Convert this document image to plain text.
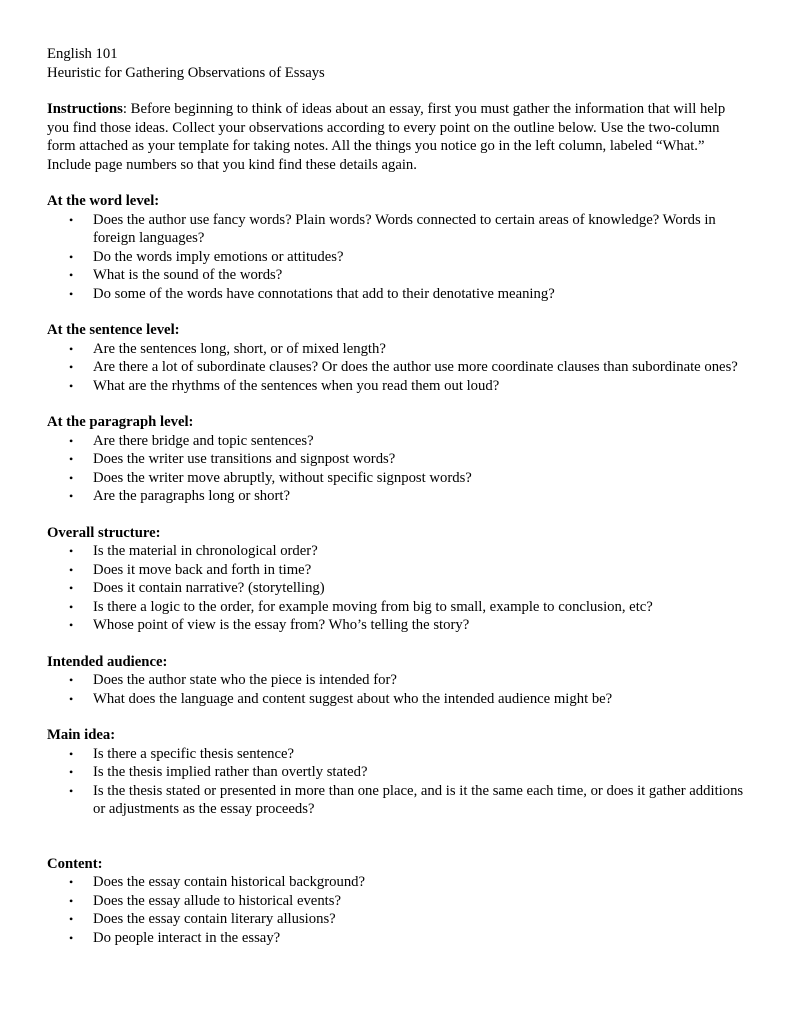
English 101

Heuristic for Gathering Observations of Essays

Instructions: Before beginning to think of ideas about an essay, first you must gather the information that will help you find those ideas. Collect your observations according to every point on the outline below. Use the two-column form attached as your template for taking notes. All the things you notice go in the left column, labeled “What.” Include page numbers so that you kind find these details again.

At the word level:

• Does the author use fancy words? Plain words? Words connected to certain areas of knowledge? Words in foreign languages?
• Do the words imply emotions or attitudes?
• What is the sound of the words?
• Do some of the words have connotations that add to their denotative meaning?

At the sentence level:

• Are the sentences long, short, or of mixed length?
• Are there a lot of subordinate clauses? Or does the author use more coordinate clauses than subordinate ones?
• What are the rhythms of the sentences when you read them out loud?

At the paragraph level:

• Are there bridge and topic sentences?
• Does the writer use transitions and signpost words?
• Does the writer move abruptly, without specific signpost words?
• Are the paragraphs long or short?

Overall structure:

• Is the material in chronological order?
• Does it move back and forth in time?
• Does it contain narrative? (storytelling)
• Is there a logic to the order, for example moving from big to small, example to conclusion, etc?
• Whose point of view is the essay from? Who’s telling the story?

Intended audience:

• Does the author state who the piece is intended for?
• What does the language and content suggest about who the intended audience might be?

Main idea:

• Is there a specific thesis sentence?
• Is the thesis implied rather than overtly stated?
• Is the thesis stated or presented in more than one place, and is it the same each time, or does it gather additions or adjustments as the essay proceeds?

Content:

• Does the essay contain historical background?
• Does the essay allude to historical events?
• Does the essay contain literary allusions?
• Do people interact in the essay?
